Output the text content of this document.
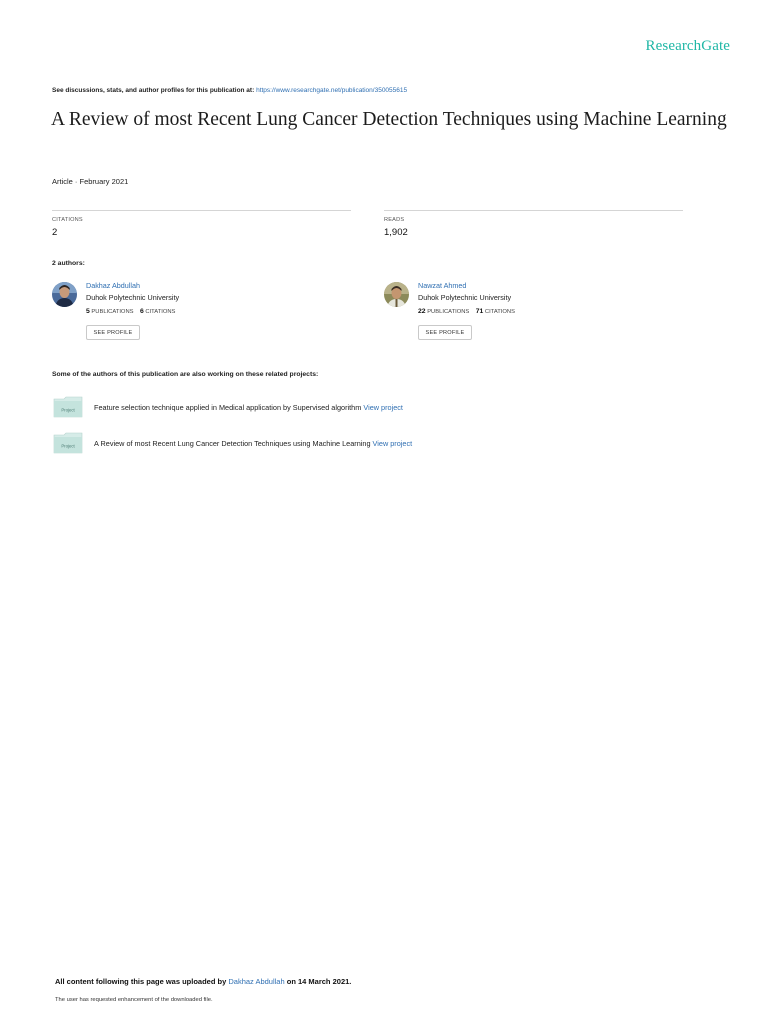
ResearchGate
See discussions, stats, and author profiles for this publication at: https://www.researchgate.net/publication/350055615
A Review of most Recent Lung Cancer Detection Techniques using Machine Learning
Article · February 2021
CITATIONS
2
READS
1,902
2 authors:
Dakhaz Abdullah
Duhok Polytechnic University
5 PUBLICATIONS 6 CITATIONS
SEE PROFILE
Nawzat Ahmed
Duhok Polytechnic University
22 PUBLICATIONS 71 CITATIONS
SEE PROFILE
Some of the authors of this publication are also working on these related projects:
Project	Feature selection technique applied in Medical application by Supervised algorithm View project
Project	A Review of most Recent Lung Cancer Detection Techniques using Machine Learning View project
All content following this page was uploaded by Dakhaz Abdullah on 14 March 2021.
The user has requested enhancement of the downloaded file.
